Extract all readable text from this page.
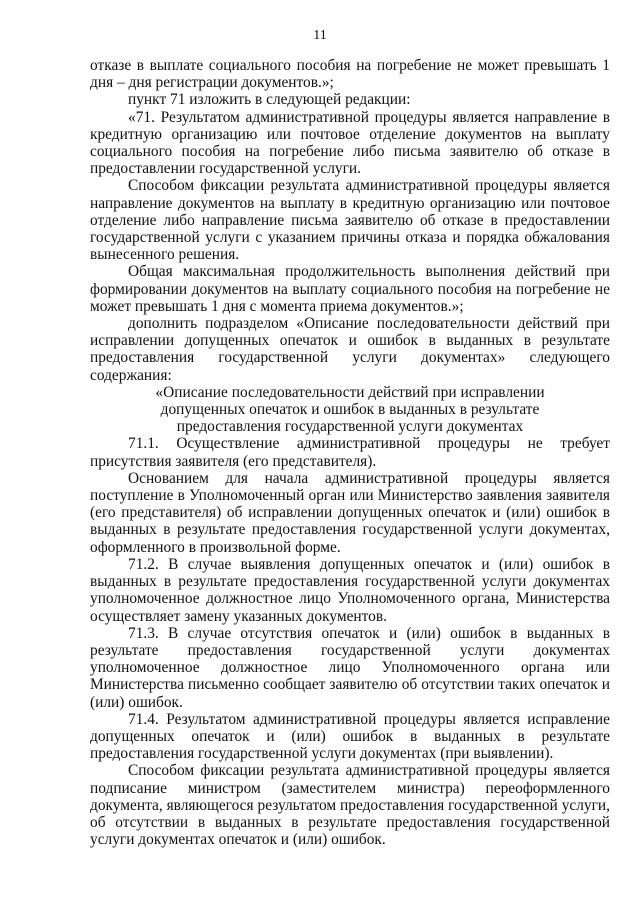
11

отказе в выплате социального пособия на погребение не может превышать 1 дня – дня регистрации документов.»;

пункт 71 изложить в следующей редакции:

«71. Результатом административной процедуры является направление в кредитную организацию или почтовое отделение документов на выплату социального пособия на погребение либо письма заявителю об отказе в предоставлении государственной услуги.

Способом фиксации результата административной процедуры является направление документов на выплату в кредитную организацию или почтовое отделение либо направление письма заявителю об отказе в предоставлении государственной услуги с указанием причины отказа и порядка обжалования вынесенного решения.

Общая максимальная продолжительность выполнения действий при формировании документов на выплату социального пособия на погребение не может превышать 1 дня с момента приема документов.»;

дополнить подразделом «Описание последовательности действий при исправлении допущенных опечаток и ошибок в выданных в результате предоставления государственной услуги документах» следующего содержания:

«Описание последовательности действий при исправлении
допущенных опечаток и ошибок в выданных в результате
предоставления государственной услуги документах

71.1. Осуществление административной процедуры не требует присутствия заявителя (его представителя).

Основанием для начала административной процедуры является поступление в Уполномоченный орган или Министерство заявления заявителя (его представителя) об исправлении допущенных опечаток и (или) ошибок в выданных в результате предоставления государственной услуги документах, оформленного в произвольной форме.

71.2. В случае выявления допущенных опечаток и (или) ошибок в выданных в результате предоставления государственной услуги документах уполномоченное должностное лицо Уполномоченного органа, Министерства осуществляет замену указанных документов.

71.3. В случае отсутствия опечаток и (или) ошибок в выданных в результате предоставления государственной услуги документах уполномоченное должностное лицо Уполномоченного органа или Министерства письменно сообщает заявителю об отсутствии таких опечаток и (или) ошибок.

71.4. Результатом административной процедуры является исправление допущенных опечаток и (или) ошибок в выданных в результате предоставления государственной услуги документах (при выявлении).

Способом фиксации результата административной процедуры является подписание министром (заместителем министра) переоформленного документа, являющегося результатом предоставления государственной услуги, об отсутствии в выданных в результате предоставления государственной услуги документах опечаток и (или) ошибок.
